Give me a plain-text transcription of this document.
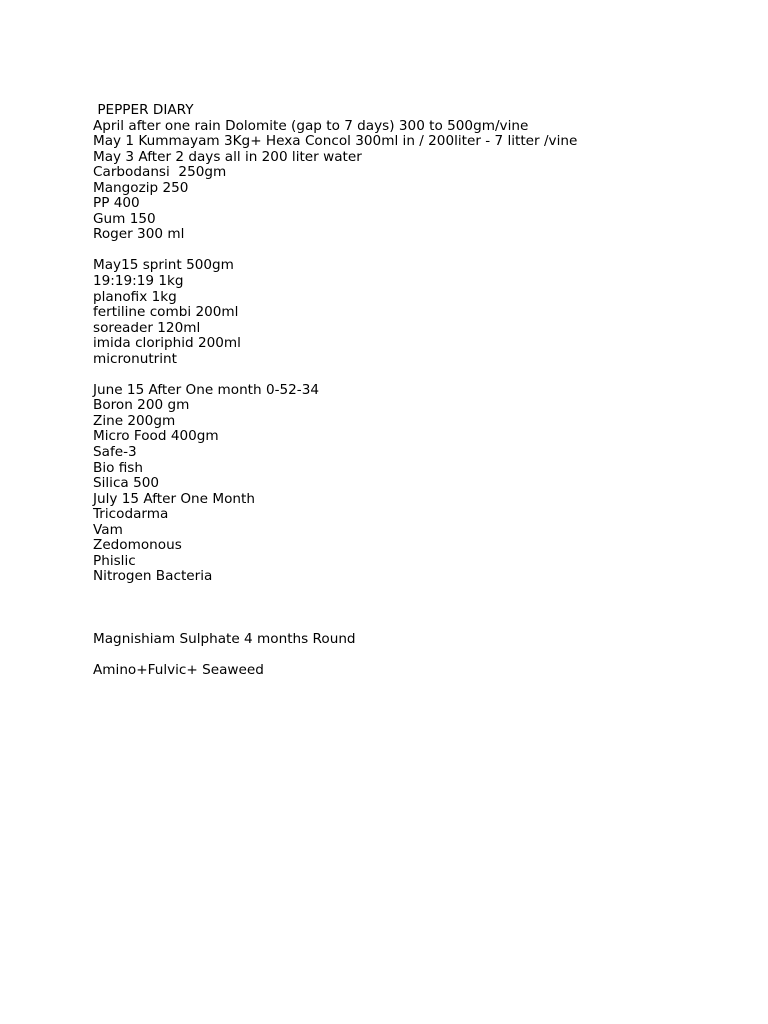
PEPPER DIARY
April after one rain Dolomite (gap to 7 days) 300 to 500gm/vine
May 1 Kummayam 3Kg+ Hexa Concol 300ml in / 200liter - 7 litter /vine
May 3 After 2 days all in 200 liter water
Carbodansi  250gm
Mangozip 250
PP 400
Gum 150
Roger 300 ml
May15 sprint 500gm
19:19:19 1kg
planofix 1kg
fertiline combi 200ml
soreader 120ml
imida cloriphid 200ml
micronutrint
June 15 After One month 0-52-34
Boron 200 gm
Zine 200gm
Micro Food 400gm
Safe-3
Bio fish
Silica 500
July 15 After One Month
Tricodarma
Vam
Zedomonous
Phislic
Nitrogen Bacteria
Magnishiam Sulphate 4 months Round
Amino+Fulvic+ Seaweed
